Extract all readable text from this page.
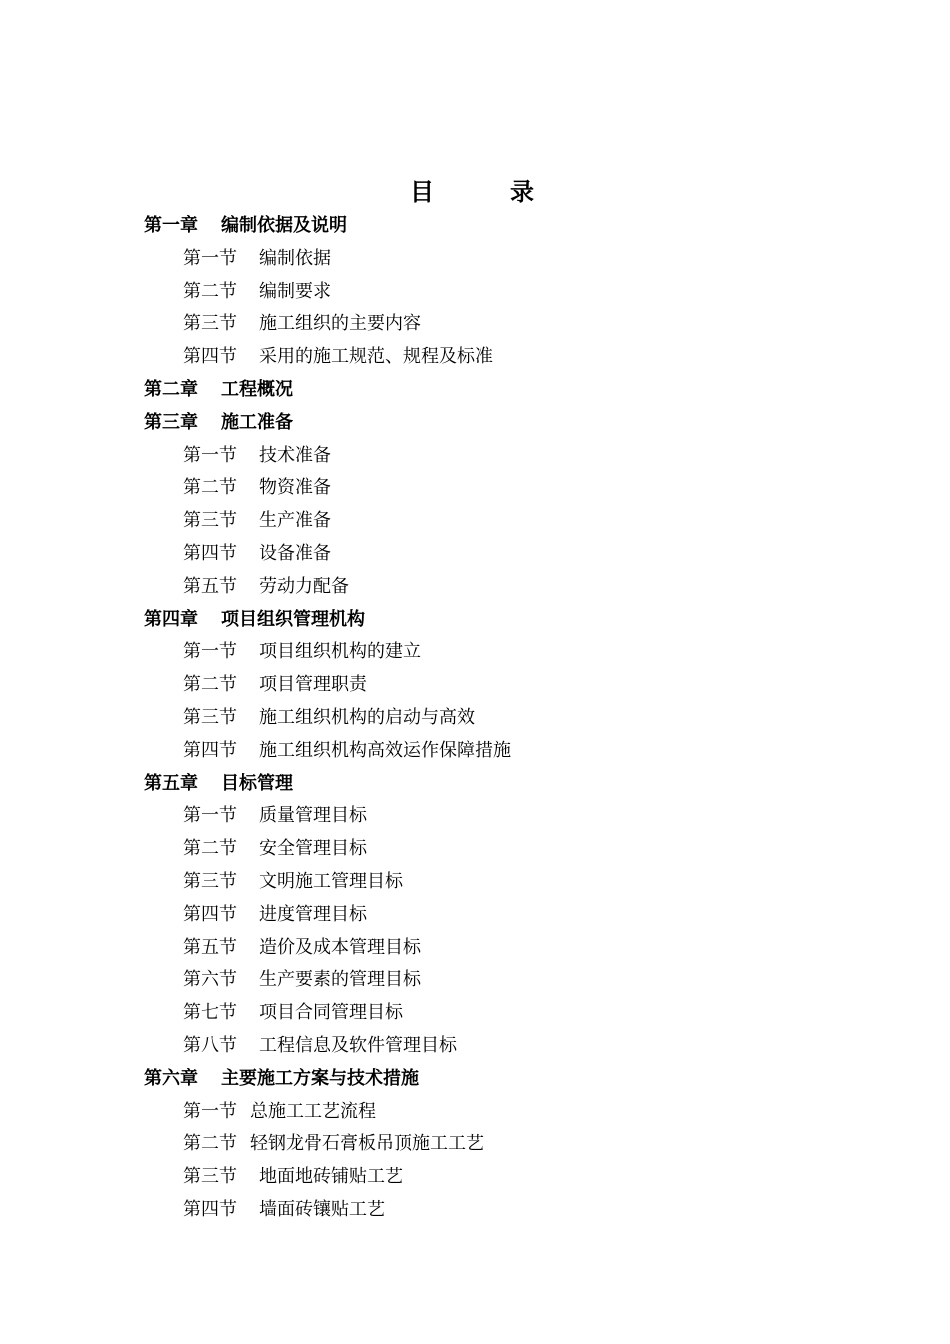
目　录
第一章 编制依据及说明
第一节 编制依据
第二节 编制要求
第三节 施工组织的主要内容
第四节 采用的施工规范、规程及标准
第二章 工程概况
第三章 施工准备
第一节 技术准备
第二节 物资准备
第三节 生产准备
第四节 设备准备
第五节 劳动力配备
第四章 项目组织管理机构
第一节 项目组织机构的建立
第二节 项目管理职责
第三节 施工组织机构的启动与高效
第四节 施工组织机构高效运作保障措施
第五章 目标管理
第一节 质量管理目标
第二节 安全管理目标
第三节 文明施工管理目标
第四节 进度管理目标
第五节 造价及成本管理目标
第六节 生产要素的管理目标
第七节 项目合同管理目标
第八节 工程信息及软件管理目标
第六章 主要施工方案与技术措施
第一节 总施工工艺流程
第二节 轻钢龙骨石膏板吊顶施工工艺
第三节 地面地砖铺贴工艺
第四节 墙面砖镶贴工艺
